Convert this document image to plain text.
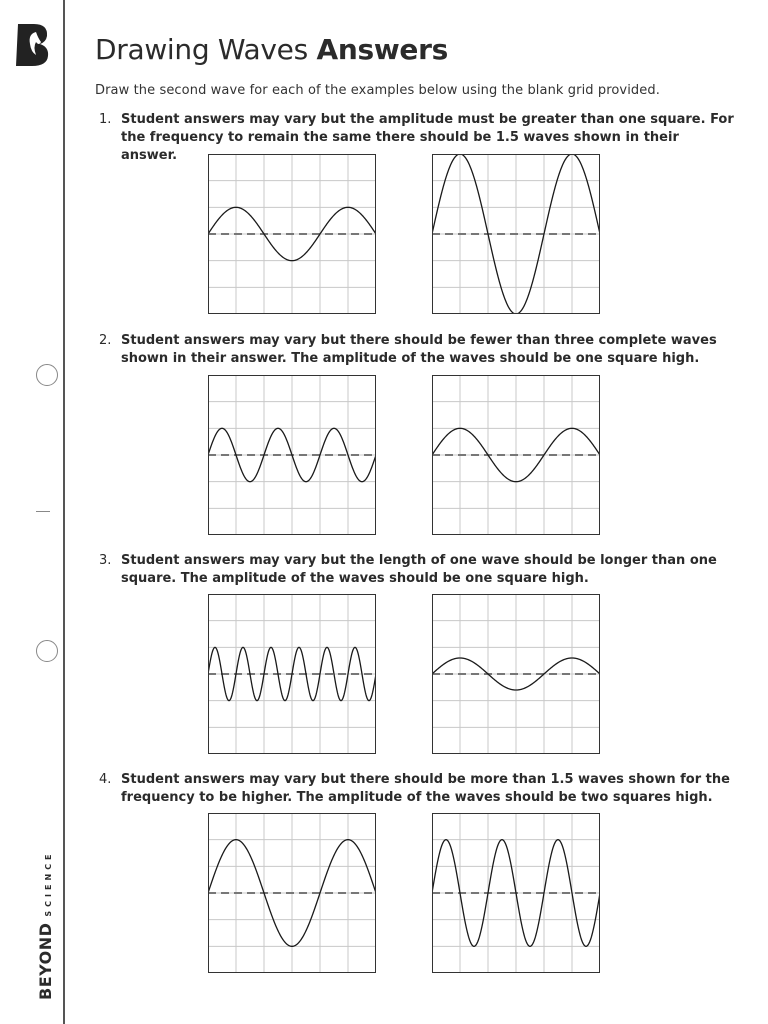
BEYOND
SCIENCE
Drawing Waves Answers

Draw the second wave for each of the examples below using the blank grid provided.

1. Student answers may vary but the amplitude must be greater than one square. For the frequency to remain the same there should be 1.5 waves shown in their answer.

2. Student answers may vary but there should be fewer than three complete waves shown in their answer. The amplitude of the waves should be one square high.

3. Student answers may vary but the length of one wave should be longer than one square. The amplitude of the waves should be one square high.

4. Student answers may vary but there should be more than 1.5 waves shown for the frequency to be higher. The amplitude of the waves should be two squares high.
